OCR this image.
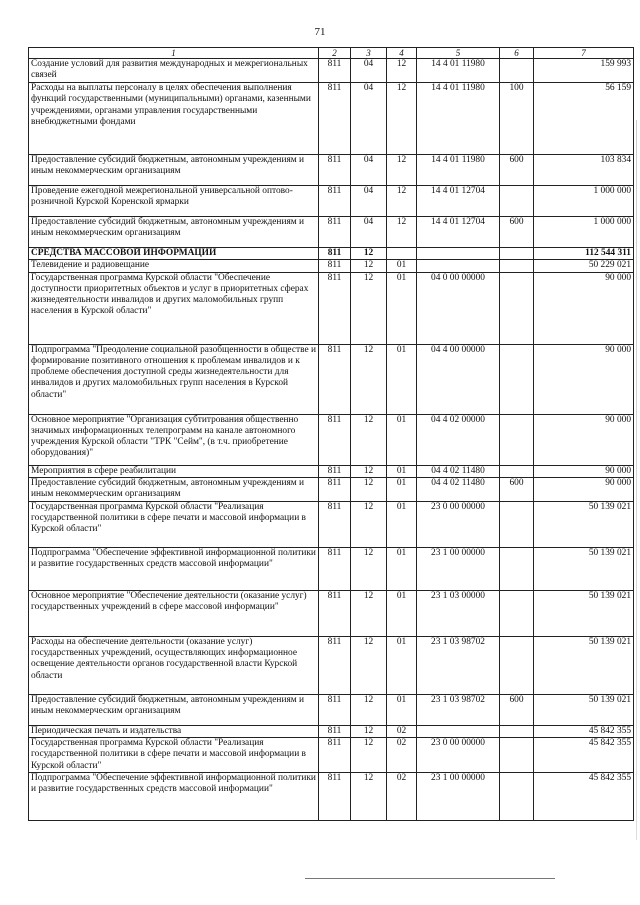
71
1	2	3	4	5	6	7
Создание условий для развития международных и межрегиональных связей	811	04	12	14 4 01 11980		159 993
Расходы на выплаты персоналу в целях обеспечения выполнения функций государственными (муниципальными) органами, казенными учреждениями, органами управления государственными внебюджетными фондами	811	04	12	14 4 01 11980	100	56 159
Предоставление субсидий бюджетным, автономным учреждениям и иным некоммерческим организациям	811	04	12	14 4 01 11980	600	103 834
Проведение ежегодной межрегиональной универсальной оптово-розничной Курской Коренской ярмарки	811	04	12	14 4 01 12704		1 000 000
Предоставление субсидий бюджетным, автономным учреждениям и иным некоммерческим организациям	811	04	12	14 4 01 12704	600	1 000 000
СРЕДСТВА МАССОВОЙ ИНФОРМАЦИИ	811	12				112 544 311
Телевидение и радиовещание	811	12	01			50 229 021
Государственная программа Курской области "Обеспечение доступности приоритетных объектов и услуг в приоритетных сферах жизнедеятельности инвалидов и других маломобильных групп населения в Курской области"	811	12	01	04 0 00 00000		90 000
Подпрограмма "Преодоление социальной разобщенности в обществе и формирование позитивного отношения к проблемам инвалидов и к проблеме обеспечения доступной среды жизнедеятельности для инвалидов и других маломобильных групп населения в Курской области"	811	12	01	04 4 00 00000		90 000
Основное мероприятие "Организация субтитрования общественно значимых информационных телепрограмм на канале автономного учреждения Курской области "ТРК "Сейм", (в т.ч. приобретение оборудования)"	811	12	01	04 4 02 00000		90 000
Мероприятия в сфере реабилитации	811	12	01	04 4 02 11480		90 000
Предоставление субсидий бюджетным, автономным учреждениям и иным некоммерческим организациям	811	12	01	04 4 02 11480	600	90 000
Государственная программа Курской области "Реализация государственной политики в сфере печати и массовой информации в Курской области"	811	12	01	23 0 00 00000		50 139 021
Подпрограмма "Обеспечение эффективной информационной политики и развитие государственных средств массовой информации"	811	12	01	23 1 00 00000		50 139 021
Основное мероприятие "Обеспечение деятельности (оказание услуг) государственных учреждений в сфере массовой информации"	811	12	01	23 1 03 00000		50 139 021
Расходы на обеспечение деятельности (оказание услуг) государственных учреждений, осуществляющих информационное освещение деятельности органов государственной власти Курской области	811	12	01	23 1 03 98702		50 139 021
Предоставление субсидий бюджетным, автономным учреждениям и иным некоммерческим организациям	811	12	01	23 1 03 98702	600	50 139 021
Периодическая печать и издательства	811	12	02			45 842 355
Государственная программа Курской области "Реализация государственной политики в сфере печати и массовой информации в Курской области"	811	12	02	23 0 00 00000		45 842 355
Подпрограмма "Обеспечение эффективной информационной политики и развитие государственных средств массовой информации"	811	12	02	23 1 00 00000		45 842 355
